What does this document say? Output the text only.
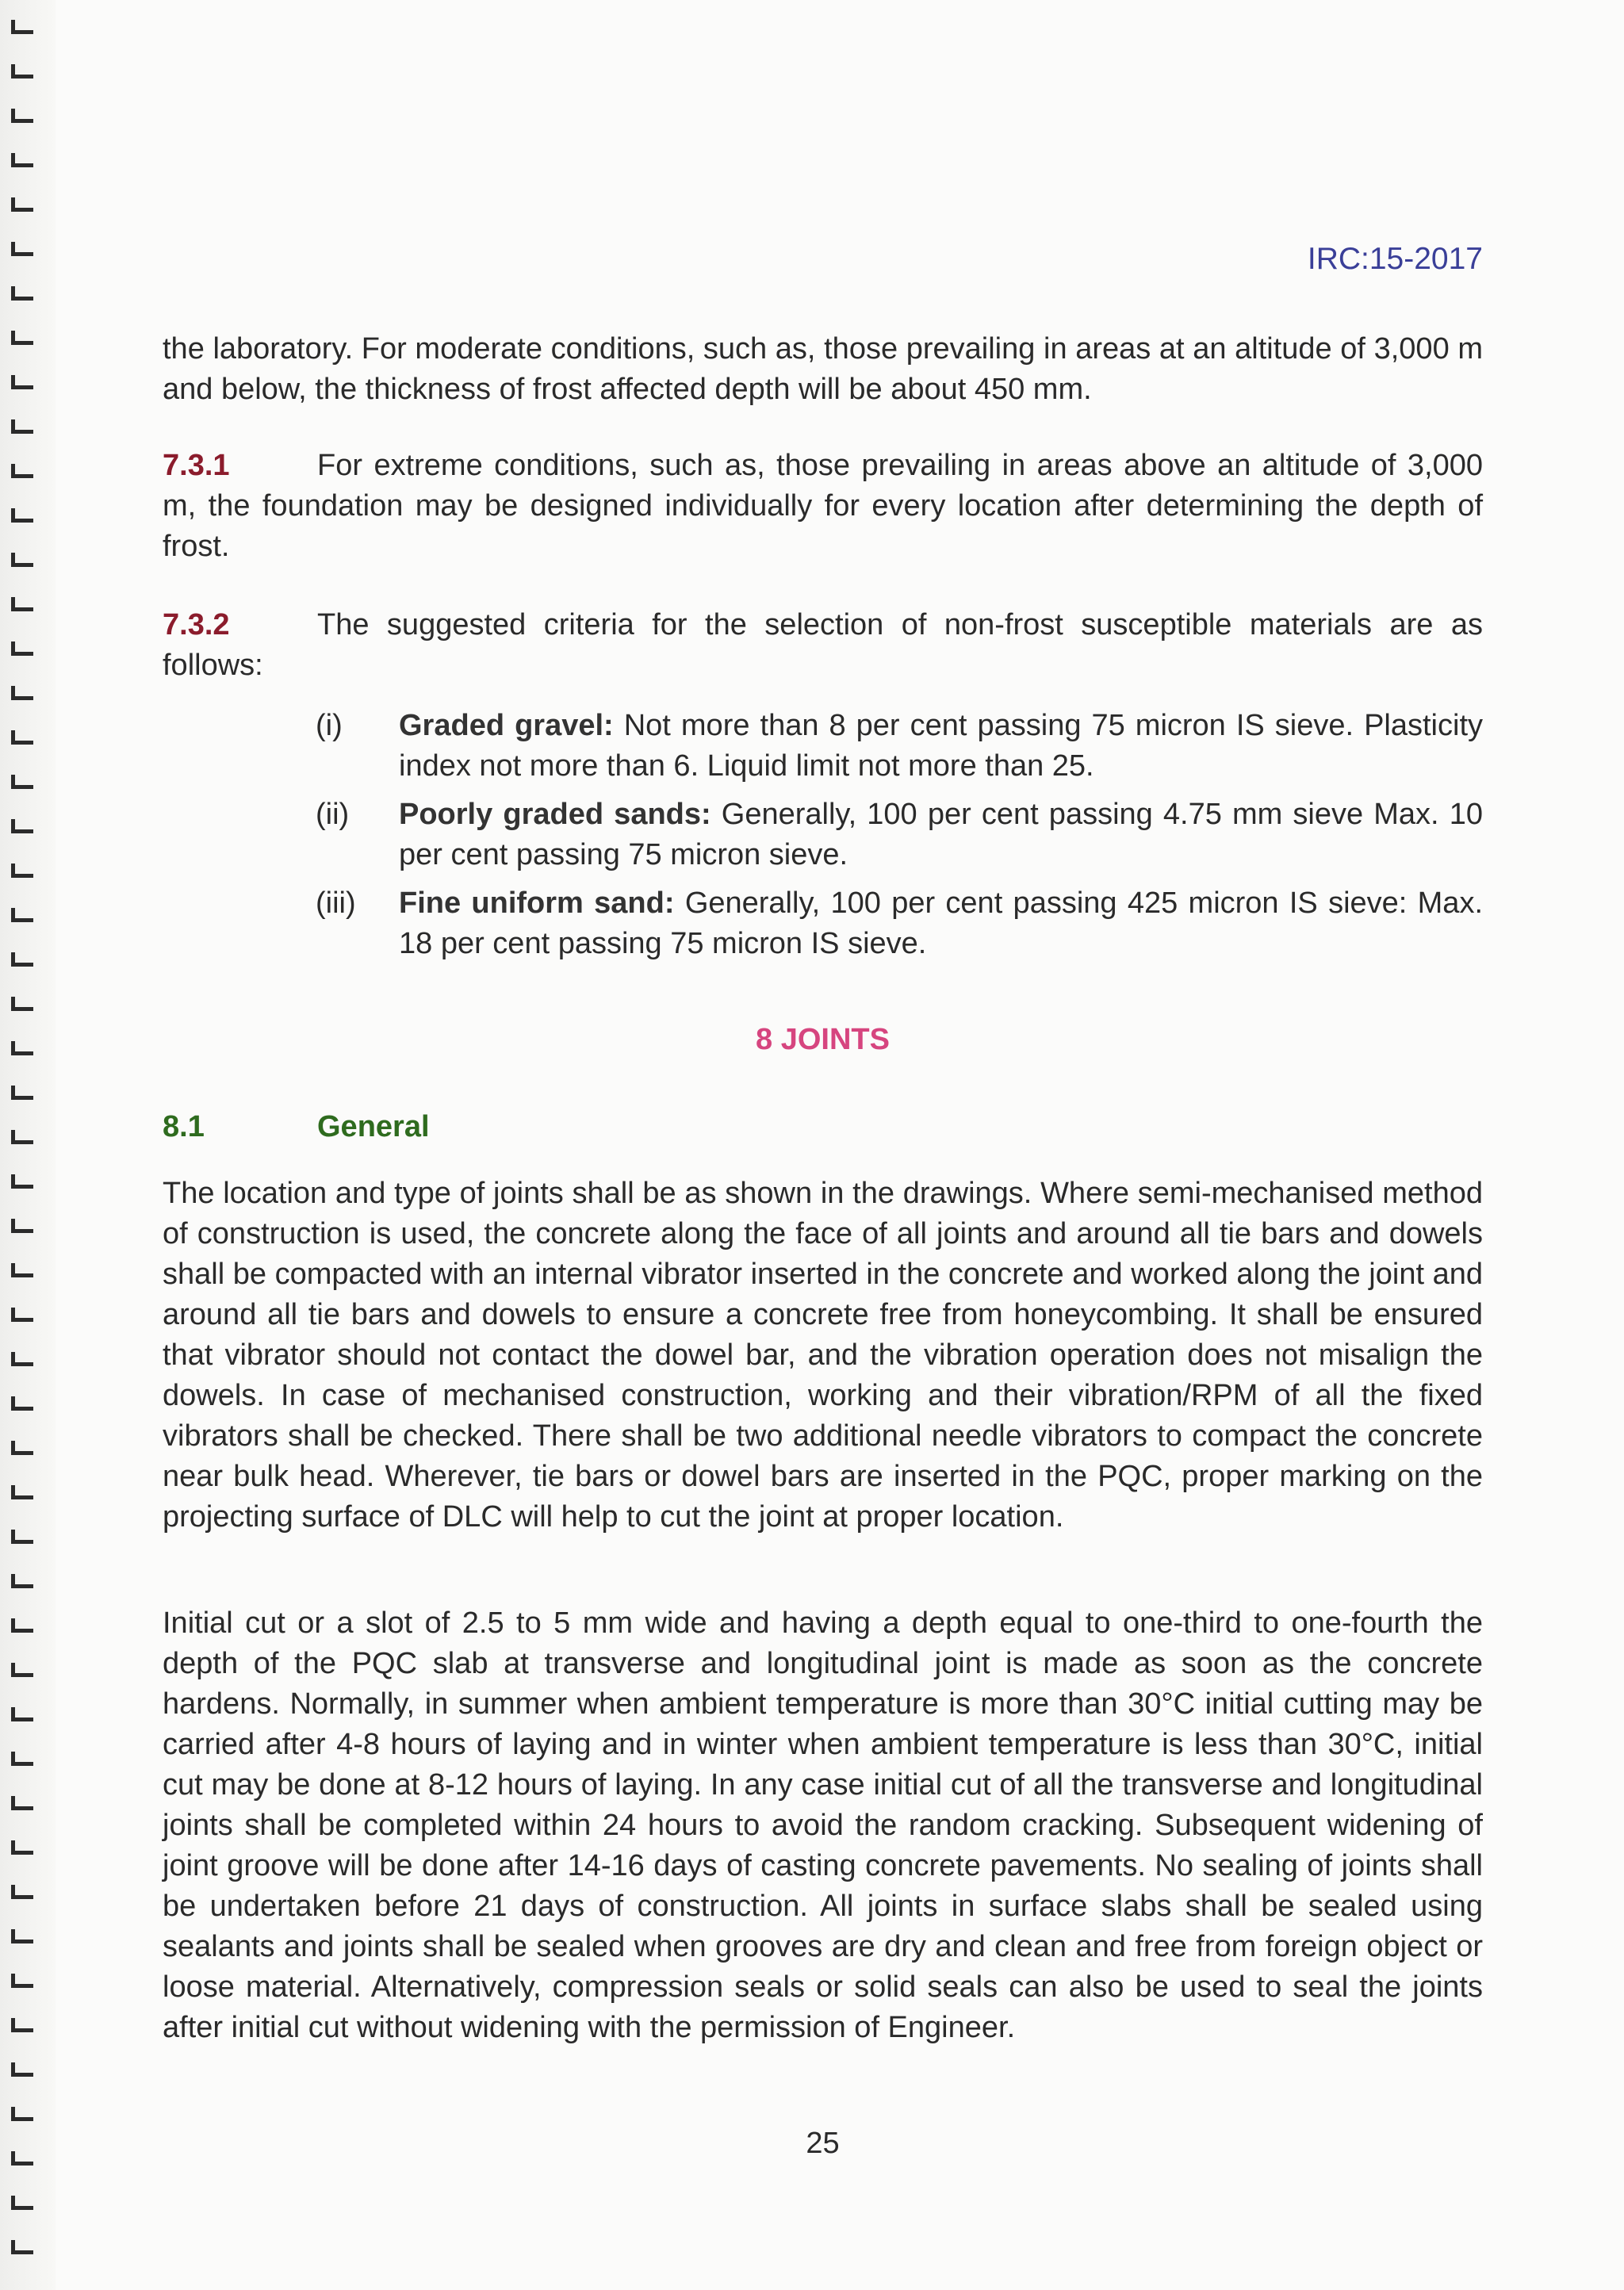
IRC:15-2017

the laboratory. For moderate conditions, such as, those prevailing in areas at an altitude of 3,000 m and below, the thickness of frost affected depth will be about 450 mm.

7.3.1	For extreme conditions, such as, those prevailing in areas above an altitude of 3,000 m, the foundation may be designed individually for every location after determining the depth of frost.

7.3.2	The suggested criteria for the selection of non-frost susceptible materials are as follows:

(i) Graded gravel: Not more than 8 per cent passing 75 micron IS sieve. Plasticity index not more than 6. Liquid limit not more than 25.
(ii) Poorly graded sands: Generally, 100 per cent passing 4.75 mm sieve Max. 10 per cent passing 75 micron sieve.
(iii) Fine uniform sand: Generally, 100 per cent passing 425 micron IS sieve: Max. 18 per cent passing 75 micron IS sieve.
8 JOINTS
8.1	General

The location and type of joints shall be as shown in the drawings. Where semi-mechanised method of construction is used, the concrete along the face of all joints and around all tie bars and dowels shall be compacted with an internal vibrator inserted in the concrete and worked along the joint and around all tie bars and dowels to ensure a concrete free from honeycombing. It shall be ensured that vibrator should not contact the dowel bar, and the vibration operation does not misalign the dowels. In case of mechanised construction, working and their vibration/RPM of all the fixed vibrators shall be checked. There shall be two additional needle vibrators to compact the concrete near bulk head. Wherever, tie bars or dowel bars are inserted in the PQC, proper marking on the projecting surface of DLC will help to cut the joint at proper location.

Initial cut or a slot of 2.5 to 5 mm wide and having a depth equal to one-third to one-fourth the depth of the PQC slab at transverse and longitudinal joint is made as soon as the concrete hardens. Normally, in summer when ambient temperature is more than 30°C initial cutting may be carried after 4-8 hours of laying and in winter when ambient temperature is less than 30°C, initial cut may be done at 8-12 hours of laying. In any case initial cut of all the transverse and longitudinal joints shall be completed within 24 hours to avoid the random cracking. Subsequent widening of joint groove will be done after 14-16 days of casting concrete pavements. No sealing of joints shall be undertaken before 21 days of construction. All joints in surface slabs shall be sealed using sealants and joints shall be sealed when grooves are dry and clean and free from foreign object or loose material. Alternatively, compression seals or solid seals can also be used to seal the joints after initial cut without widening with the permission of Engineer.

25
